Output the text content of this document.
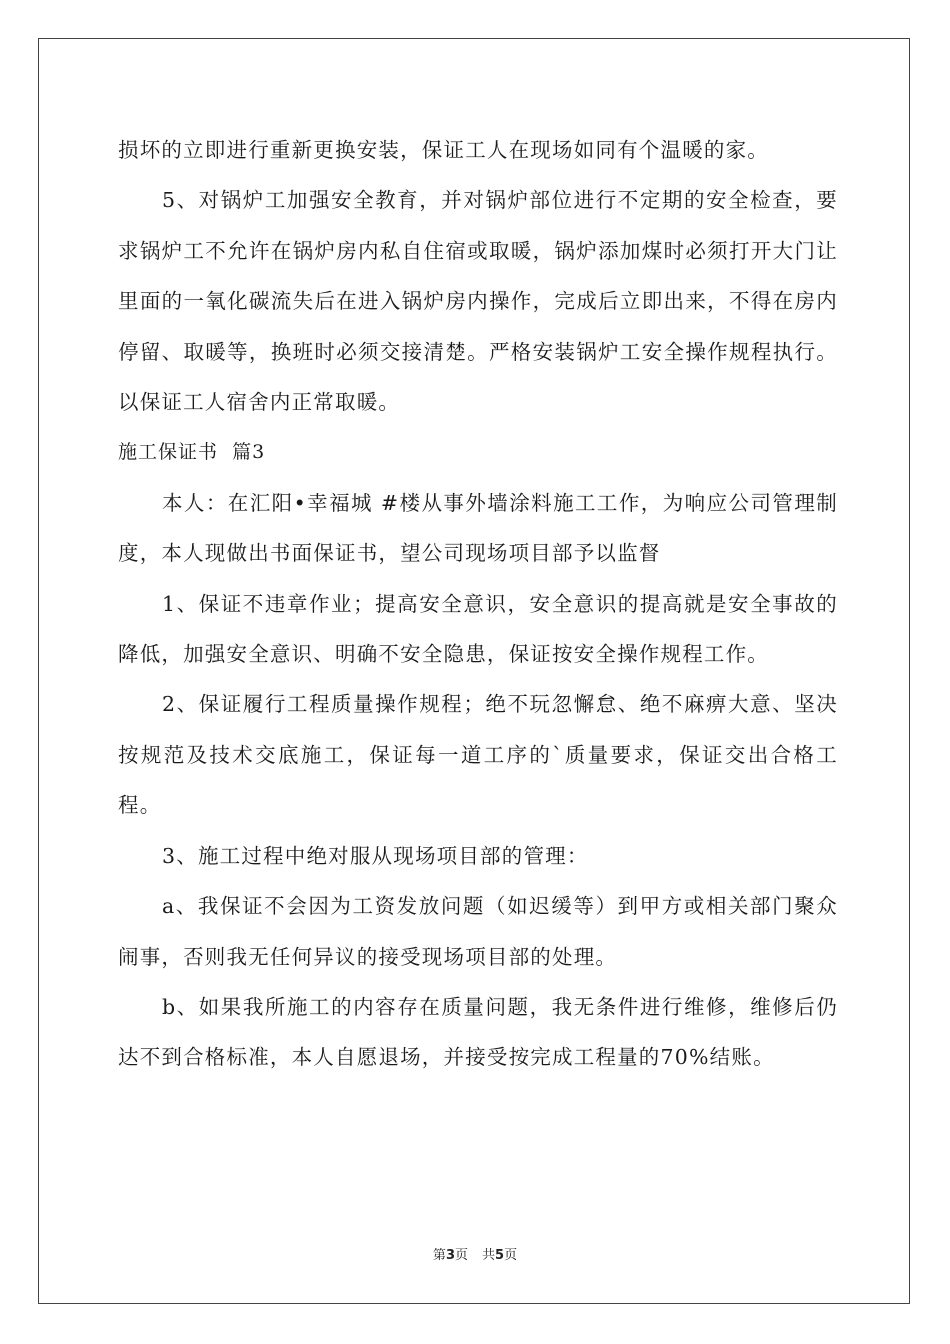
损坏的立即进行重新更换安装，保证工人在现场如同有个温暖的家。

5、对锅炉工加强安全教育，并对锅炉部位进行不定期的安全检查，要求锅炉工不允许在锅炉房内私自住宿或取暖，锅炉添加煤时必须打开大门让里面的一氧化碳流失后在进入锅炉房内操作，完成后立即出来，不得在房内停留、取暖等，换班时必须交接清楚。严格安装锅炉工安全操作规程执行。以保证工人宿舍内正常取暖。

施工保证书  篇3

本人：在汇阳•幸福城 #楼从事外墙涂料施工工作，为响应公司管理制度，本人现做出书面保证书，望公司现场项目部予以监督

1、保证不违章作业；提高安全意识，安全意识的提高就是安全事故的降低，加强安全意识、明确不安全隐患，保证按安全操作规程工作。

2、保证履行工程质量操作规程；绝不玩忽懈怠、绝不麻痹大意、坚决按规范及技术交底施工，保证每一道工序的`质量要求，保证交出合格工程。

3、施工过程中绝对服从现场项目部的管理：

a、我保证不会因为工资发放问题（如迟缓等）到甲方或相关部门聚众闹事，否则我无任何异议的接受现场项目部的处理。

b、如果我所施工的内容存在质量问题，我无条件进行维修，维修后仍达不到合格标准，本人自愿退场，并接受按完成工程量的70%结账。

第3页 共5页
